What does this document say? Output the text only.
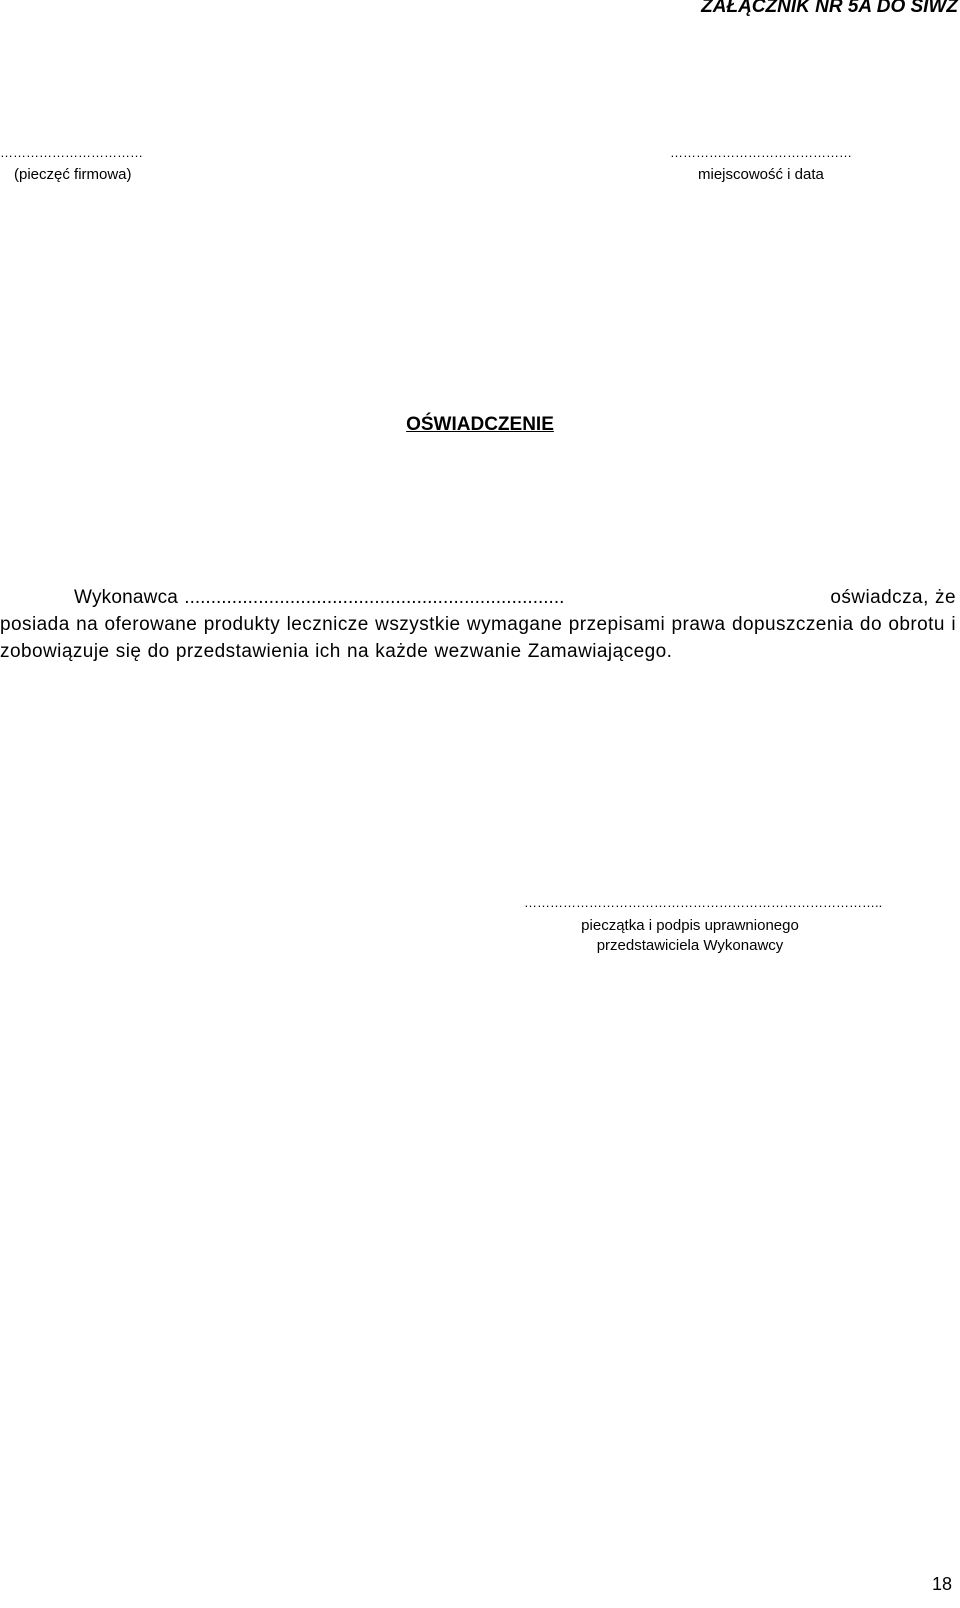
ZAŁĄCZNIK NR 5A DO SIWZ
……………………………
(pieczęć firmowa)
……………………………………
miejscowość i data
OŚWIADCZENIE
Wykonawca ........................................................................	oświadcza, że
posiada na oferowane produkty lecznicze wszystkie wymagane przepisami prawa dopuszczenia do obrotu i zobowiązuje się do przedstawienia ich na każde wezwanie Zamawiającego.
………………………………………………………………………..
pieczątka i podpis uprawnionego przedstawiciela Wykonawcy
18
